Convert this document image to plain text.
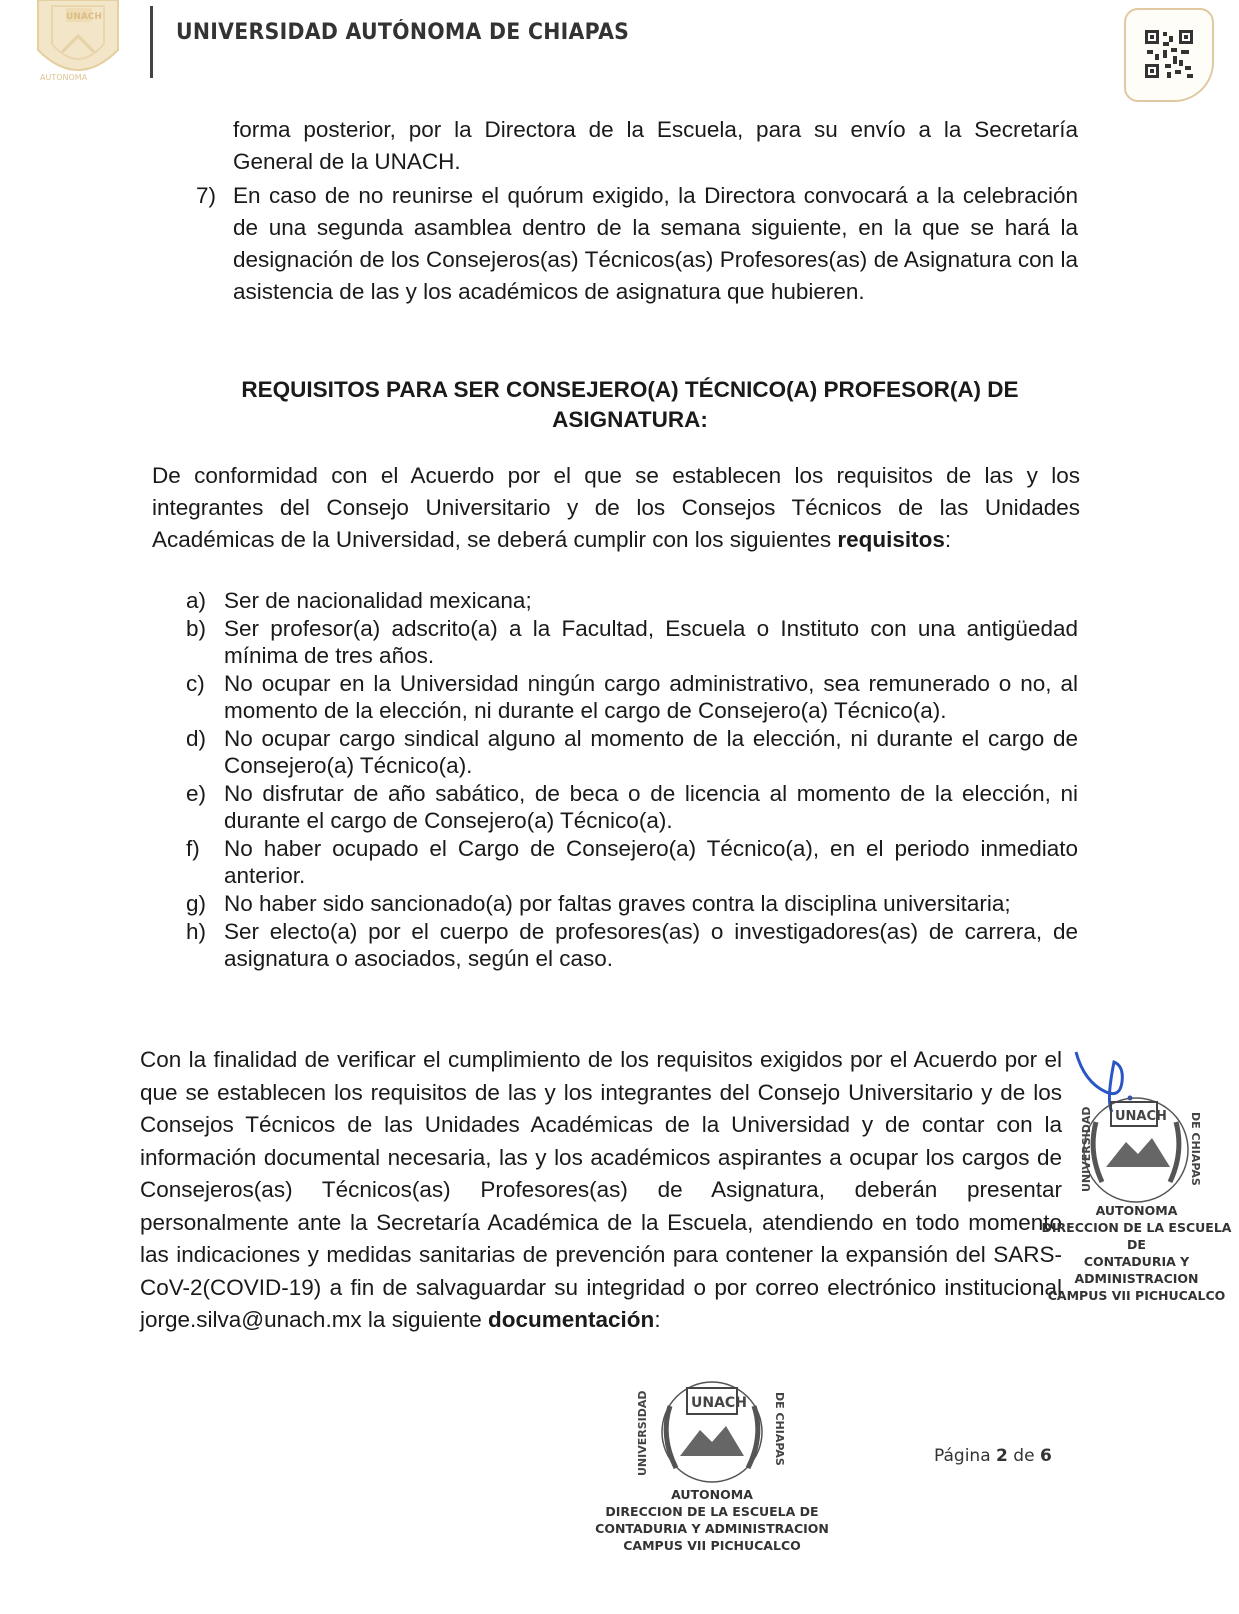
UNACH
AUTONOMA
UNIVERSIDAD AUTÓNOMA DE CHIAPAS
forma posterior, por la Directora de la Escuela, para su envío a la Secretaría General de la UNACH.
7) En caso de no reunirse el quórum exigido, la Directora convocará a la celebración de una segunda asamblea dentro de la semana siguiente, en la que se hará la designación de los Consejeros(as) Técnicos(as) Profesores(as) de Asignatura con la asistencia de las y los académicos de asignatura que hubieren.
REQUISITOS PARA SER CONSEJERO(A) TÉCNICO(A) PROFESOR(A) DE ASIGNATURA:
De conformidad con el Acuerdo por el que se establecen los requisitos de las y los integrantes del Consejo Universitario y de los Consejos Técnicos de las Unidades Académicas de la Universidad, se deberá cumplir con los siguientes requisitos:
a) Ser de nacionalidad mexicana;
b) Ser profesor(a) adscrito(a) a la Facultad, Escuela o Instituto con una antigüedad mínima de tres años.
c) No ocupar en la Universidad ningún cargo administrativo, sea remunerado o no, al momento de la elección, ni durante el cargo de Consejero(a) Técnico(a).
d) No ocupar cargo sindical alguno al momento de la elección, ni durante el cargo de Consejero(a) Técnico(a).
e) No disfrutar de año sabático, de beca o de licencia al momento de la elección, ni durante el cargo de Consejero(a) Técnico(a).
f)	No haber ocupado el Cargo de Consejero(a) Técnico(a), en el periodo inmediato anterior.
g) No haber sido sancionado(a) por faltas graves contra la disciplina universitaria;
h) Ser electo(a) por el cuerpo de profesores(as) o investigadores(as) de carrera, de asignatura o asociados, según el caso.
Con la finalidad de verificar el cumplimiento de los requisitos exigidos por el Acuerdo por el que se establecen los requisitos de las y los integrantes del Consejo Universitario y de los Consejos Técnicos de las Unidades Académicas de la Universidad y de contar con la información documental necesaria, las y los académicos aspirantes a ocupar los cargos de Consejeros(as) Técnicos(as) Profesores(as) de Asignatura, deberán presentar personalmente ante la Secretaría Académica de la Escuela, atendiendo en todo momento las indicaciones y medidas sanitarias de prevención para contener la expansión del SARS-CoV-2(COVID-19) a fin de salvaguardar su integridad o por correo electrónico institucional jorge.silva@unach.mx la siguiente documentación:
UNACH
UNIVERSIDAD	DE CHIAPAS
AUTONOMA
DIRECCION DE LA ESCUELA DE
CONTADURIA Y ADMINISTRACION
CAMPUS VII PICHUCALCO
UNACH
UNIVERSIDAD	DE CHIAPAS
AUTONOMA
DIRECCION DE LA ESCUELA DE
CONTADURIA Y ADMINISTRACION
CAMPUS VII PICHUCALCO
Página 2 de 6
